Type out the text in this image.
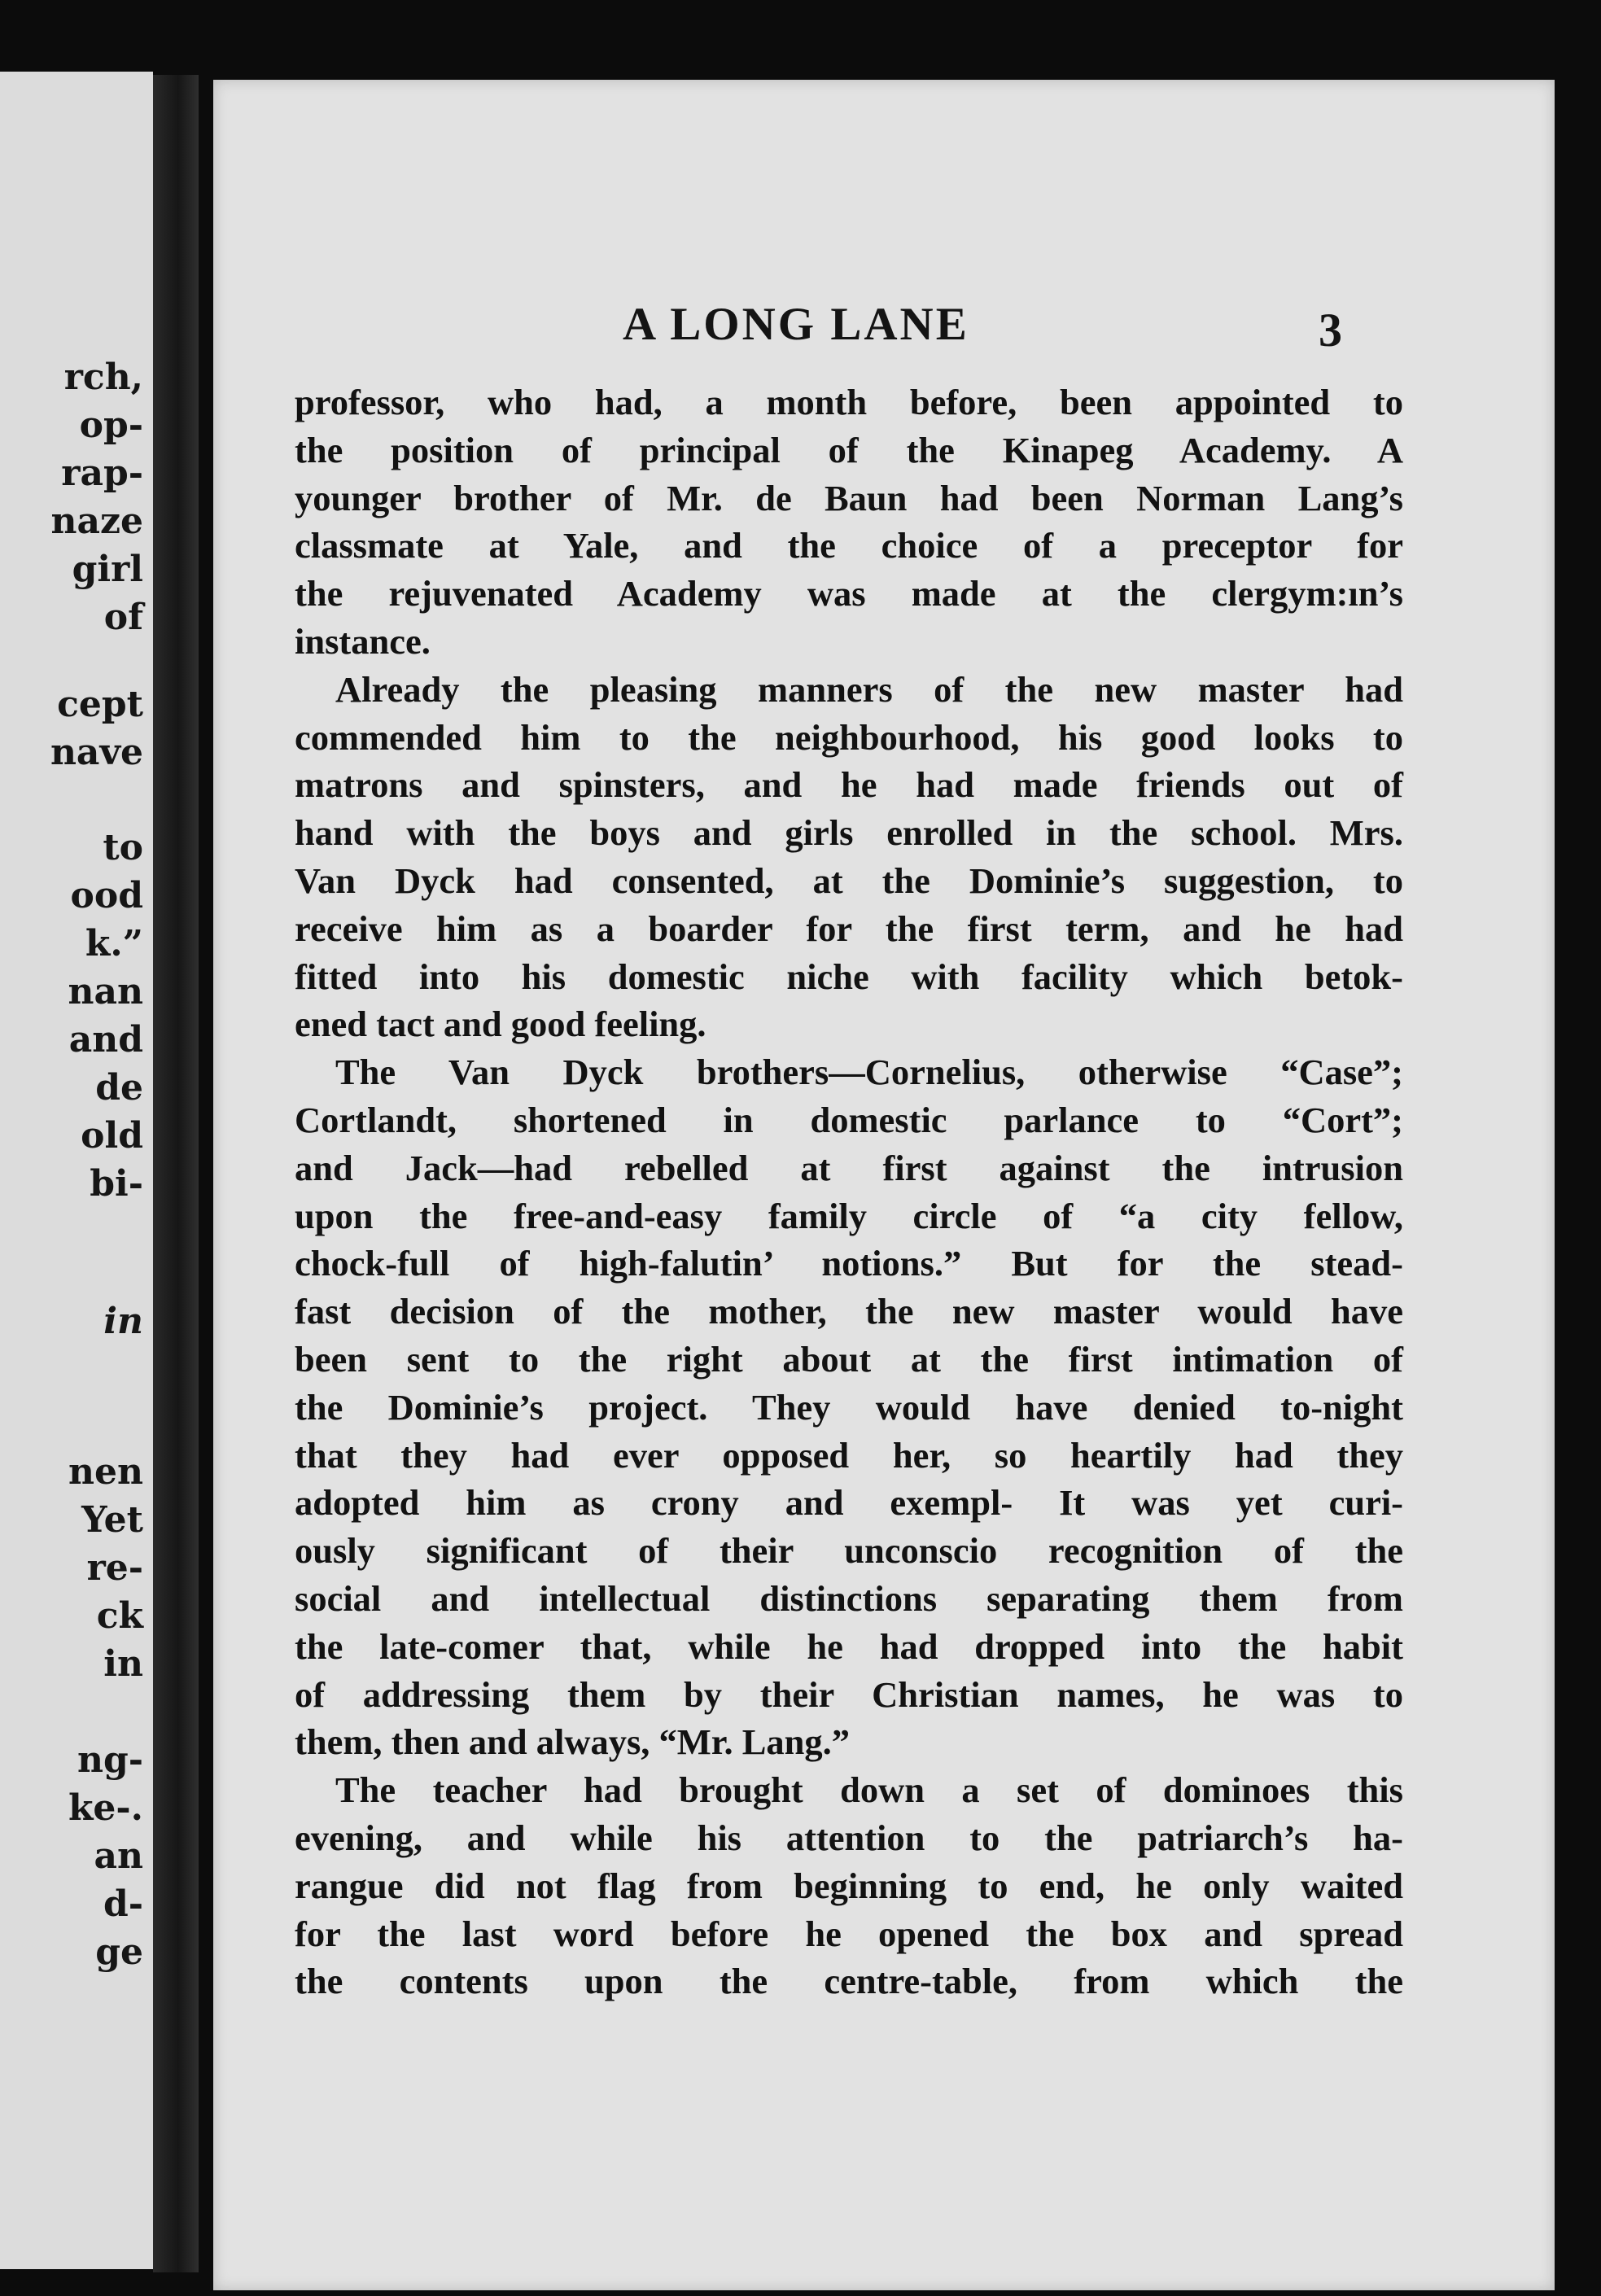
rch,
op-
rap-
naze
girl
of
cept
nave
to
ood
k.”
nan
and
de
old
bi-
in
nen
Yet
re-
ck
in
ng-
ke-.
an
d-
ge
A LONG LANE	3
professor, who had, a month before, been appointed to
the position of principal of the Kinapeg Academy. A
younger brother of Mr. de Baun had been Norman Lang’s
classmate at Yale, and the choice of a preceptor for
the rejuvenated Academy was made at the clergym:ın’s
instance.
Already the pleasing manners of the new master had
commended him to the neighbourhood, his good looks to
matrons and spinsters, and he had made friends out of
hand with the boys and girls enrolled in the school. Mrs.
Van Dyck had consented, at the Dominie’s suggestion, to
receive him as a boarder for the first term, and he had
fitted into his domestic niche with facility which betok-
ened tact and good feeling.
The Van Dyck brothers—Cornelius, otherwise “Case”;
Cortlandt, shortened in domestic parlance to “Cort”;
and Jack—had rebelled at first against the intrusion
upon the free-and-easy family circle of “a city fellow,
chock-full of high-falutin’ notions.” But for the stead-
fast decision of the mother, the new master would have
been sent to the right about at the first intimation of
the Dominie’s project. They would have denied to-night
that they had ever opposed her, so heartily had they
adopted him as crony and exempl- It was yet curi-
ously significant of their unconscio recognition of the
social and intellectual distinctions separating them from
the late-comer that, while he had dropped into the habit
of addressing them by their Christian names, he was to
them, then and always, “Mr. Lang.”
The teacher had brought down a set of dominoes this
evening, and while his attention to the patriarch’s ha-
rangue did not flag from beginning to end, he only waited
for the last word before he opened the box and spread
the contents upon the centre-table, from which the
